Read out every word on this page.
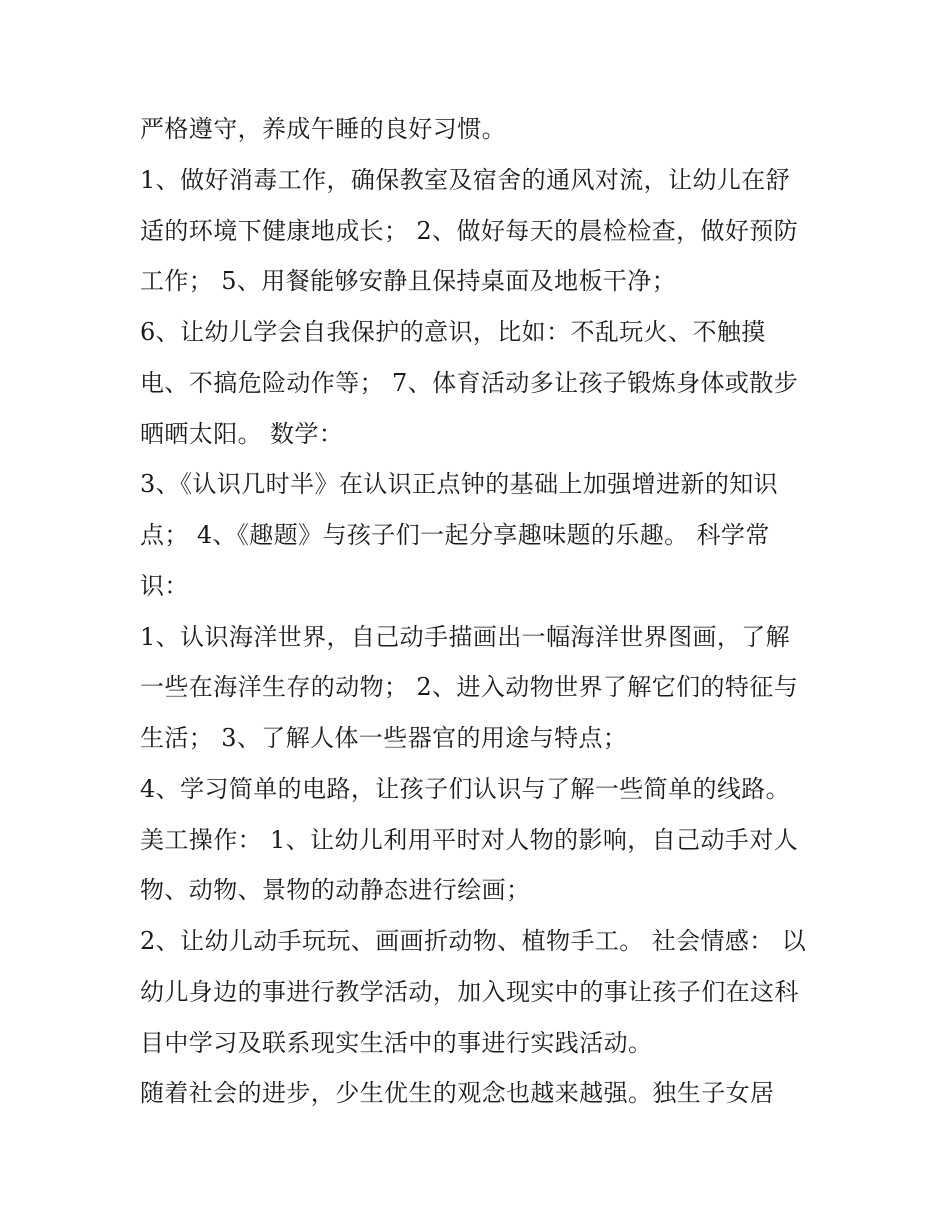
严格遵守，养成午睡的良好习惯。
1、做好消毒工作，确保教室及宿舍的通风对流，让幼儿在舒
适的环境下健康地成长； 2、做好每天的晨检检查，做好预防
工作； 5、用餐能够安静且保持桌面及地板干净；
6、让幼儿学会自我保护的意识，比如：不乱玩火、不触摸
电、不搞危险动作等； 7、体育活动多让孩子锻炼身体或散步
晒晒太阳。 数学：
3、《认识几时半》在认识正点钟的基础上加强增进新的知识
点； 4、《趣题》与孩子们一起分享趣味题的乐趣。 科学常
识：
1、认识海洋世界，自己动手描画出一幅海洋世界图画，了解
一些在海洋生存的动物； 2、进入动物世界了解它们的特征与
生活； 3、了解人体一些器官的用途与特点；
4、学习简单的电路，让孩子们认识与了解一些简单的线路。
美工操作： 1、让幼儿利用平时对人物的影响，自己动手对人
物、动物、景物的动静态进行绘画；
2、让幼儿动手玩玩、画画折动物、植物手工。 社会情感： 以
幼儿身边的事进行教学活动，加入现实中的事让孩子们在这科
目中学习及联系现实生活中的事进行实践活动。
随着社会的进步，少生优生的观念也越来越强。独生子女居
